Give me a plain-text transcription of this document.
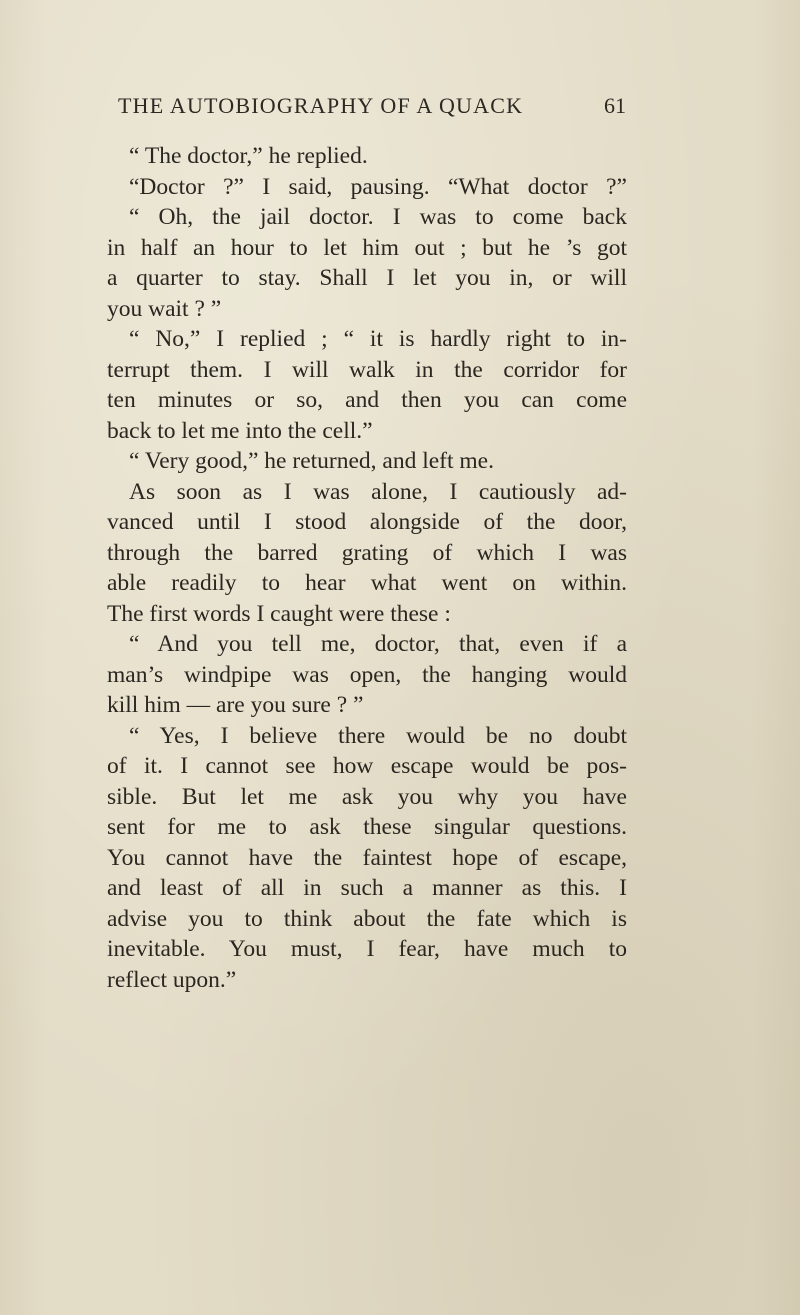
THE AUTOBIOGRAPHY OF A QUACK	61
“ The doctor,” he replied.
“Doctor ?” I said, pausing. “What doctor ?”
“ Oh, the jail doctor. I was to come back
in half an hour to let him out ; but he ’s got
a quarter to stay. Shall I let you in, or will
you wait ? ”
“ No,” I replied ; “ it is hardly right to in-
terrupt them. I will walk in the corridor for
ten minutes or so, and then you can come
back to let me into the cell.”
“ Very good,” he returned, and left me.
As soon as I was alone, I cautiously ad-
vanced until I stood alongside of the door,
through the barred grating of which I was
able readily to hear what went on within.
The first words I caught were these :
“ And you tell me, doctor, that, even if a
man’s windpipe was open, the hanging would
kill him — are you sure ? ”
“ Yes, I believe there would be no doubt
of it. I cannot see how escape would be pos-
sible. But let me ask you why you have
sent for me to ask these singular questions.
You cannot have the faintest hope of escape,
and least of all in such a manner as this. I
advise you to think about the fate which is
inevitable. You must, I fear, have much to
reflect upon.”
